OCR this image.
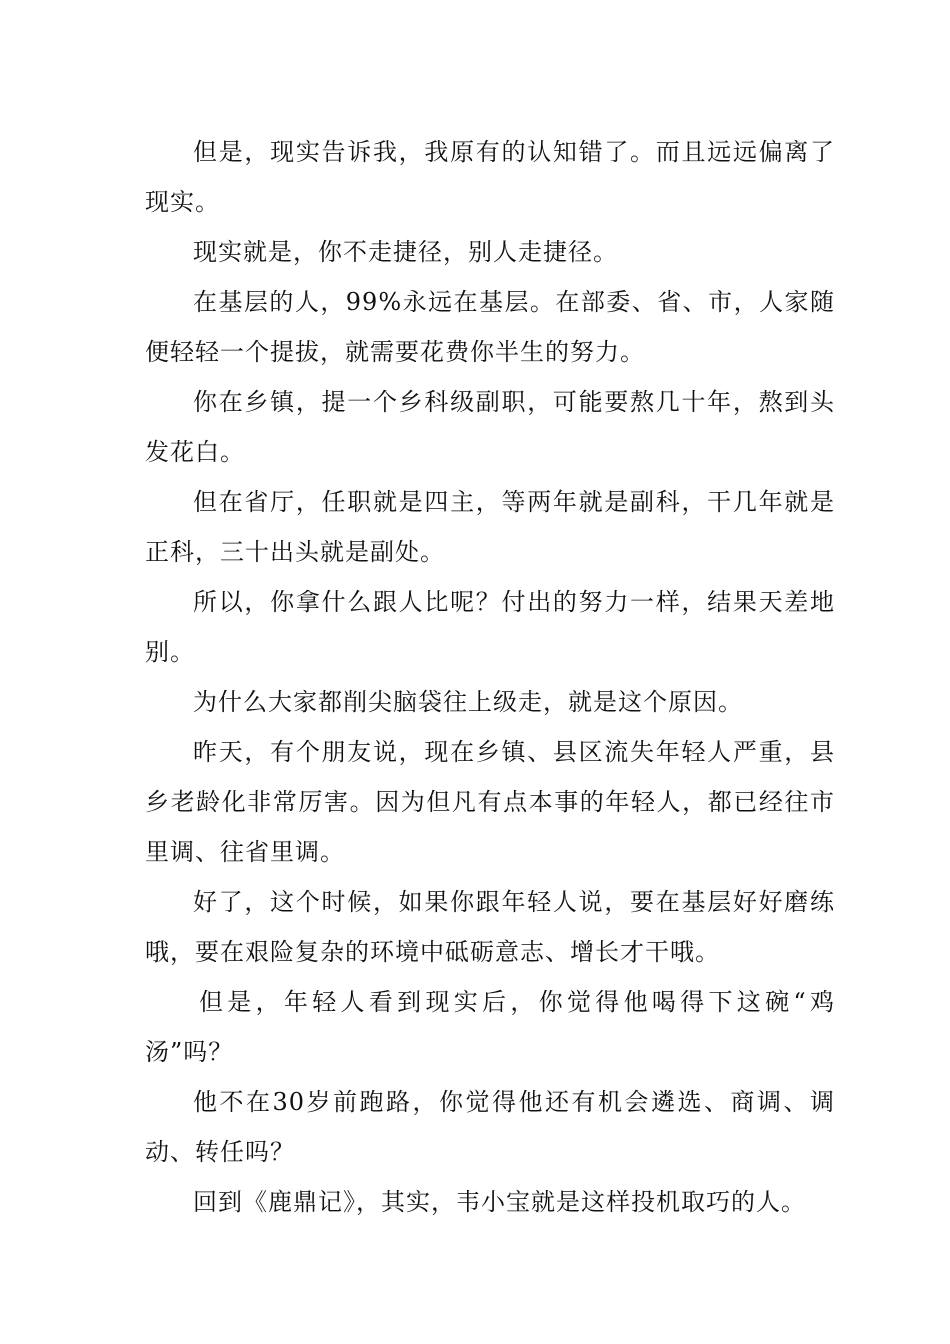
但是，现实告诉我，我原有的认知错了。而且远远偏离了现实。

现实就是，你不走捷径，别人走捷径。

在基层的人，99%永远在基层。在部委、省、市，人家随便轻轻一个提拔，就需要花费你半生的努力。

你在乡镇，提一个乡科级副职，可能要熬几十年，熬到头发花白。

但在省厅，任职就是四主，等两年就是副科，干几年就是正科，三十出头就是副处。

所以，你拿什么跟人比呢？付出的努力一样，结果天差地别。

为什么大家都削尖脑袋往上级走，就是这个原因。

昨天，有个朋友说，现在乡镇、县区流失年轻人严重，县乡老龄化非常厉害。因为但凡有点本事的年轻人，都已经往市里调、往省里调。

好了，这个时候，如果你跟年轻人说，要在基层好好磨练哦，要在艰险复杂的环境中砥砺意志、增长才干哦。

但是，年轻人看到现实后，你觉得他喝得下这碗“鸡汤”吗？

他不在30岁前跑路，你觉得他还有机会遴选、商调、调动、转任吗？

回到《鹿鼎记》，其实，韦小宝就是这样投机取巧的人。
